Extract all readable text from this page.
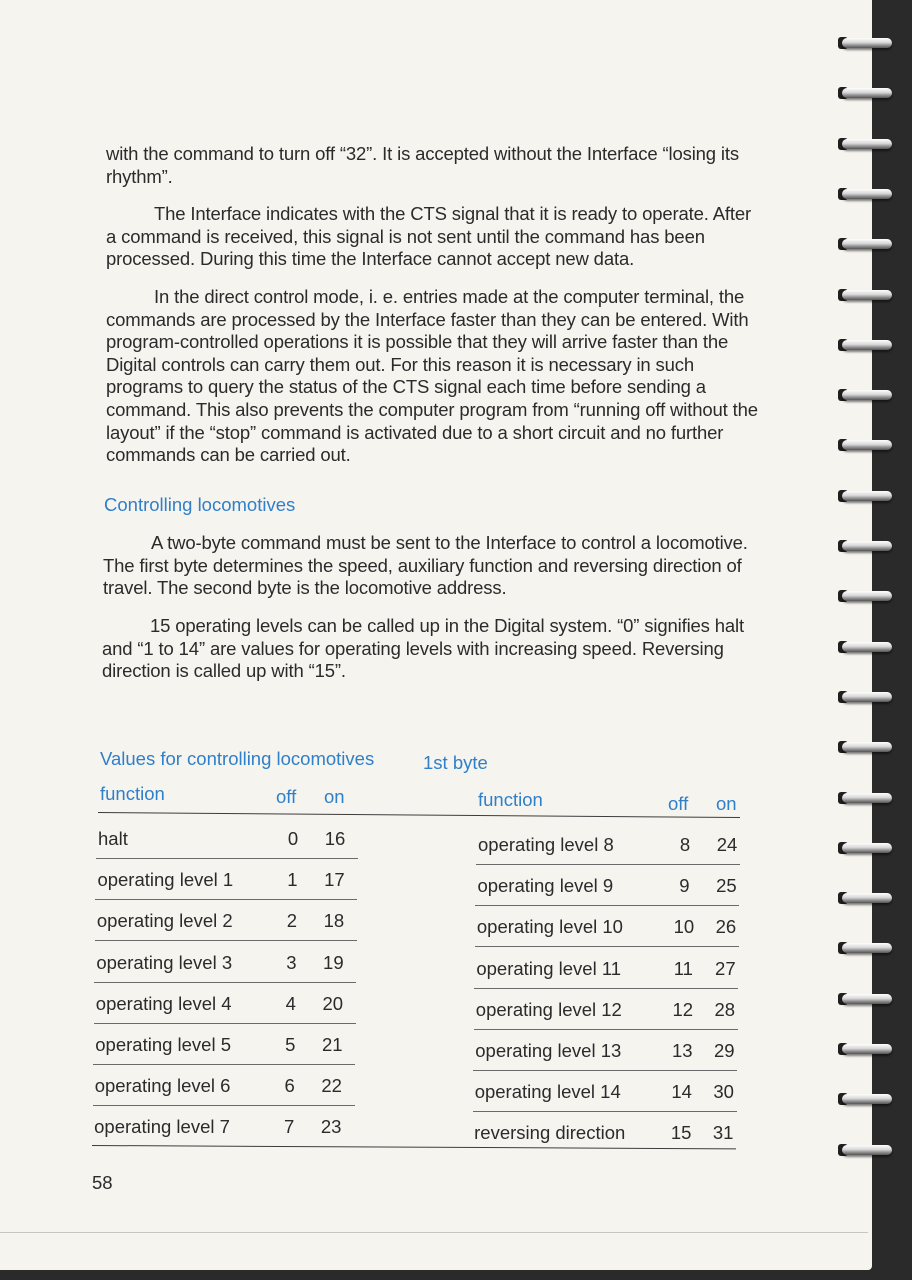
with the command to turn off “32”. It is accepted without the Interface “losing its rhythm”.

The Interface indicates with the CTS signal that it is ready to operate. After a command is received, this signal is not sent until the command has been processed. During this time the Interface cannot accept new data.

In the direct control mode, i. e. entries made at the computer terminal, the commands are processed by the Interface faster than they can be entered. With program-controlled operations it is possible that they will arrive faster than the Digital controls can carry them out. For this reason it is necessary in such programs to query the status of the CTS signal each time before sending a command. This also prevents the computer program from “running off without the layout” if the “stop” command is activated due to a short circuit and no further commands can be carried out.

Controlling locomotives

A two-byte command must be sent to the Interface to control a locomotive. The first byte determines the speed, auxiliary function and reversing direction of travel. The second byte is the locomotive address.

15 operating levels can be called up in the Digital system. “0” signifies halt and “1 to 14” are values for operating levels with increasing speed. Reversing direction is called up with “15”.

Values for controlling locomotives	1st byte
function	off on	function	off on
halt	0	16
operating level 1	1	17
operating level 2	2	18
operating level 3	3	19
operating level 4	4	20
operating level 5	5	21
operating level 6	6	22
operating level 7	7	23
operating level 8	8	24
operating level 9	9	25
operating level 10	10 26
operating level 11	11 27
operating level 12	12 28
operating level 13	13 29
operating level 14	14 30
reversing direction 15 31
58
